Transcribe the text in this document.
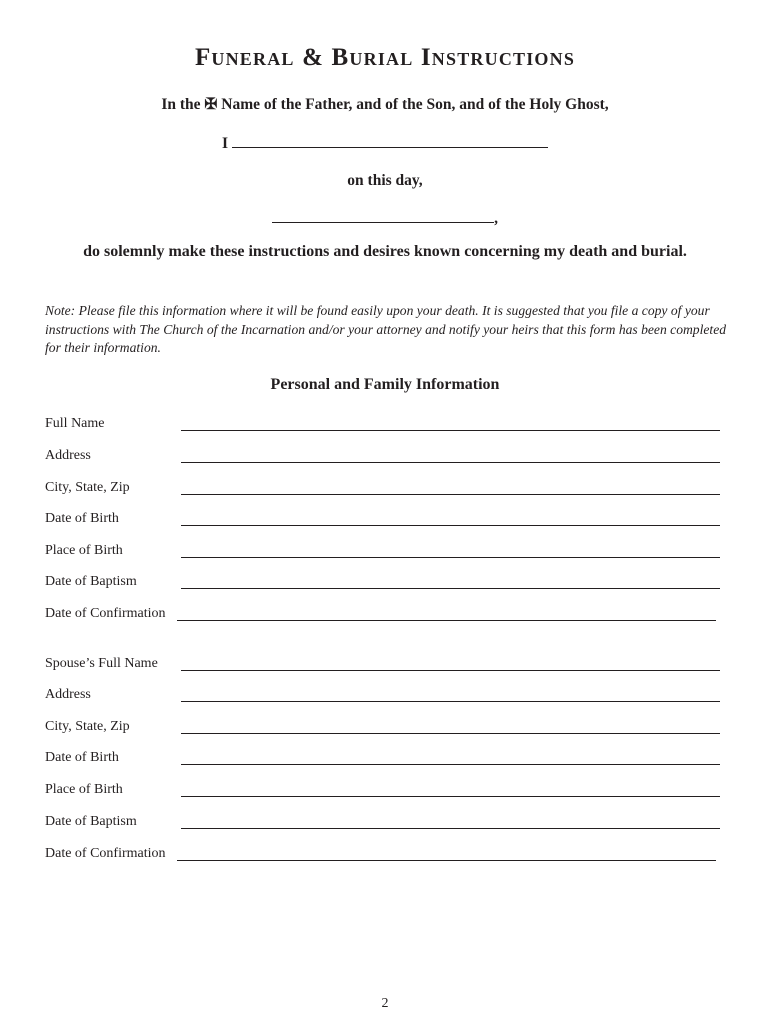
Funeral & Burial Instructions
In the ✠ Name of the Father, and of the Son, and of the Holy Ghost,
I
on this day,
,
do solemnly make these instructions and desires known concerning my death and burial.
Note: Please file this information where it will be found easily upon your death. It is suggested that you file a copy of your instructions with The Church of the Incarnation and/or your attorney and notify your heirs that this form has been completed for their information.
Personal and Family Information
Full Name
Address
City, State, Zip
Date of Birth
Place of Birth
Date of Baptism
Date of Confirmation
Spouse’s Full Name
Address
City, State, Zip
Date of Birth
Place of Birth
Date of Baptism
Date of Confirmation
2
